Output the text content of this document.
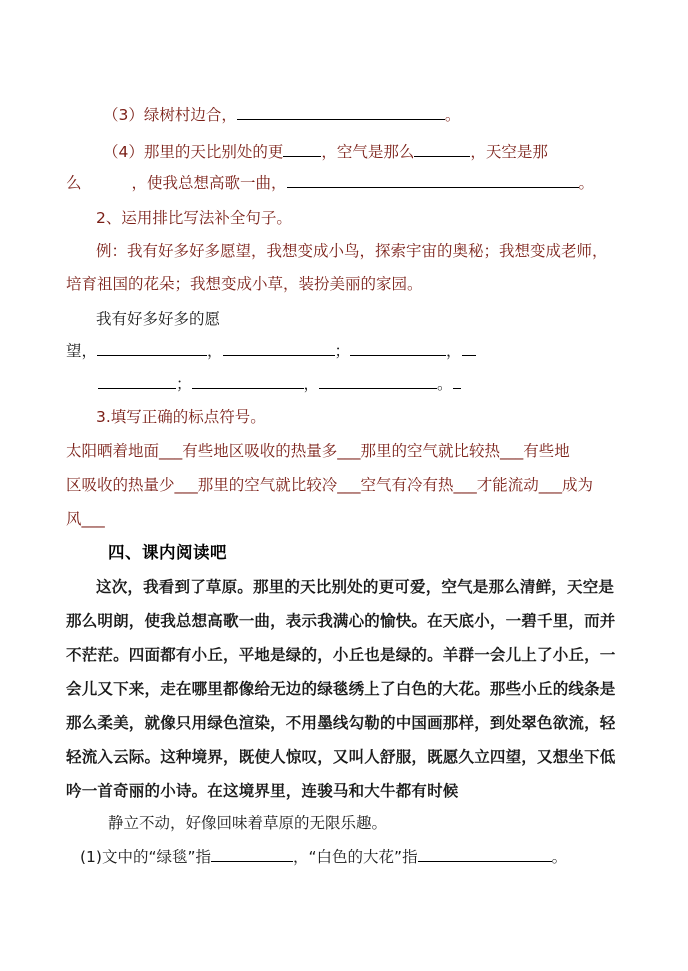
（3）绿树村边合，	。
（4）那里的天比别处的更 ，空气是那么	，天空是那
么	，使我总想高歌一曲，	。
2、运用排比写法补全句子。
例：我有好多好多愿望，我想变成小鸟，探索宇宙的奥秘；我想变成老师，
培育祖国的花朵；我想变成小草，装扮美丽的家园。
我有好多好多的愿
望，	，	；	，
；	，	。
3.填写正确的标点符号。
太阳晒着地面___有些地区吸收的热量多___那里的空气就比较热___有些地
区吸收的热量少___那里的空气就比较冷___空气有冷有热___才能流动___成为
风___
四、课内阅读吧
这次，我看到了草原。那里的天比别处的更可爱，空气是那么清鲜，天空是
那么明朗，使我总想高歌一曲，表示我满心的愉快。在天底小，一碧千里，而并
不茫茫。四面都有小丘，平地是绿的，小丘也是绿的。羊群一会儿上了小丘，一
会儿又下来，走在哪里都像给无边的绿毯绣上了白色的大花。那些小丘的线条是
那么柔美，就像只用绿色渲染，不用墨线勾勒的中国画那样，到处翠色欲流，轻
轻流入云际。这种境界，既使人惊叹，又叫人舒服，既愿久立四望，又想坐下低
吟一首奇丽的小诗。在这境界里，连骏马和大牛都有时候
静立不动，好像回味着草原的无限乐趣。
(1)文中的“绿毯”指	，“白色的大花”指	。
